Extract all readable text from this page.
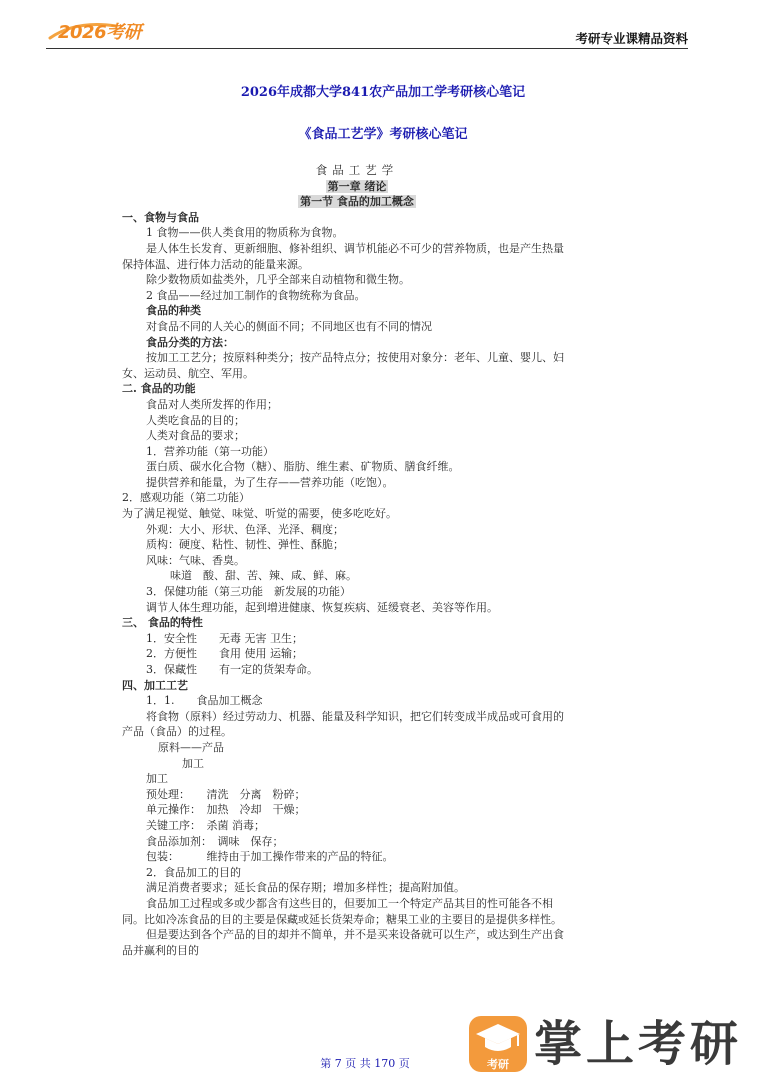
2026考研	考研专业课精品资料
2026年成都大学841农产品加工学考研核心笔记
《食品工艺学》考研核心笔记
食品工艺学
第一章 绪论
第一节 食品的加工概念
一、食物与食品
1 食物——供人类食用的物质称为食物。
是人体生长发育、更新细胞、修补组织、调节机能必不可少的营养物质，也是产生热量
保持体温、进行体力活动的能量来源。
除少数物质如盐类外，几乎全部来自动植物和微生物。
2 食品——经过加工制作的食物统称为食品。
食品的种类
对食品不同的人关心的侧面不同；不同地区也有不同的情况
食品分类的方法：
按加工工艺分；按原料种类分；按产品特点分；按使用对象分：老年、儿童、婴儿、妇
女、运动员、航空、军用。
二. 食品的功能
食品对人类所发挥的作用；
人类吃食品的目的；
人类对食品的要求；
1．营养功能（第一功能）
蛋白质、碳水化合物（糖）、脂肪、维生素、矿物质、膳食纤维。
提供营养和能量，为了生存——营养功能（吃饱）。
2．感观功能（第二功能）
为了满足视觉、触觉、味觉、听觉的需要，使多吃吃好。
外观：大小、形状、色泽、光泽、稠度；
质构：硬度、粘性、韧性、弹性、酥脆；
风味：气味、香臭。
味道　酸、甜、苦、辣、咸、鲜、麻。
3．保健功能（第三功能　新发展的功能）
调节人体生理功能，起到增进健康、恢复疾病、延缓衰老、美容等作用。
三、 食品的特性
1．安全性　　无毒 无害 卫生；
2．方便性　　食用 使用 运输；
3．保藏性　　有一定的货架寿命。
四、加工工艺
1．1.　　食品加工概念
将食物（原料）经过劳动力、机器、能量及科学知识，把它们转变成半成品或可食用的
产品（食品）的过程。
原料——产品
加工
加工
预处理：　　清洗　分离　粉碎；
单元操作：　加热　冷却　干燥；
关键工序：　杀菌 消毒；
食品添加剂：　调味　保存；
包装：　　　维持由于加工操作带来的产品的特征。
2．食品加工的目的
满足消费者要求；延长食品的保存期；增加多样性；提高附加值。
食品加工过程或多或少都含有这些目的，但要加工一个特定产品其目的性可能各不相
同。比如冷冻食品的目的主要是保藏或延长货架寿命；糖果工业的主要目的是提供多样性。
但是要达到各个产品的目的却并不简单，并不是买来设备就可以生产，或达到生产出食
品并赢利的目的
第 7 页 共 170 页	考研 掌上考研
